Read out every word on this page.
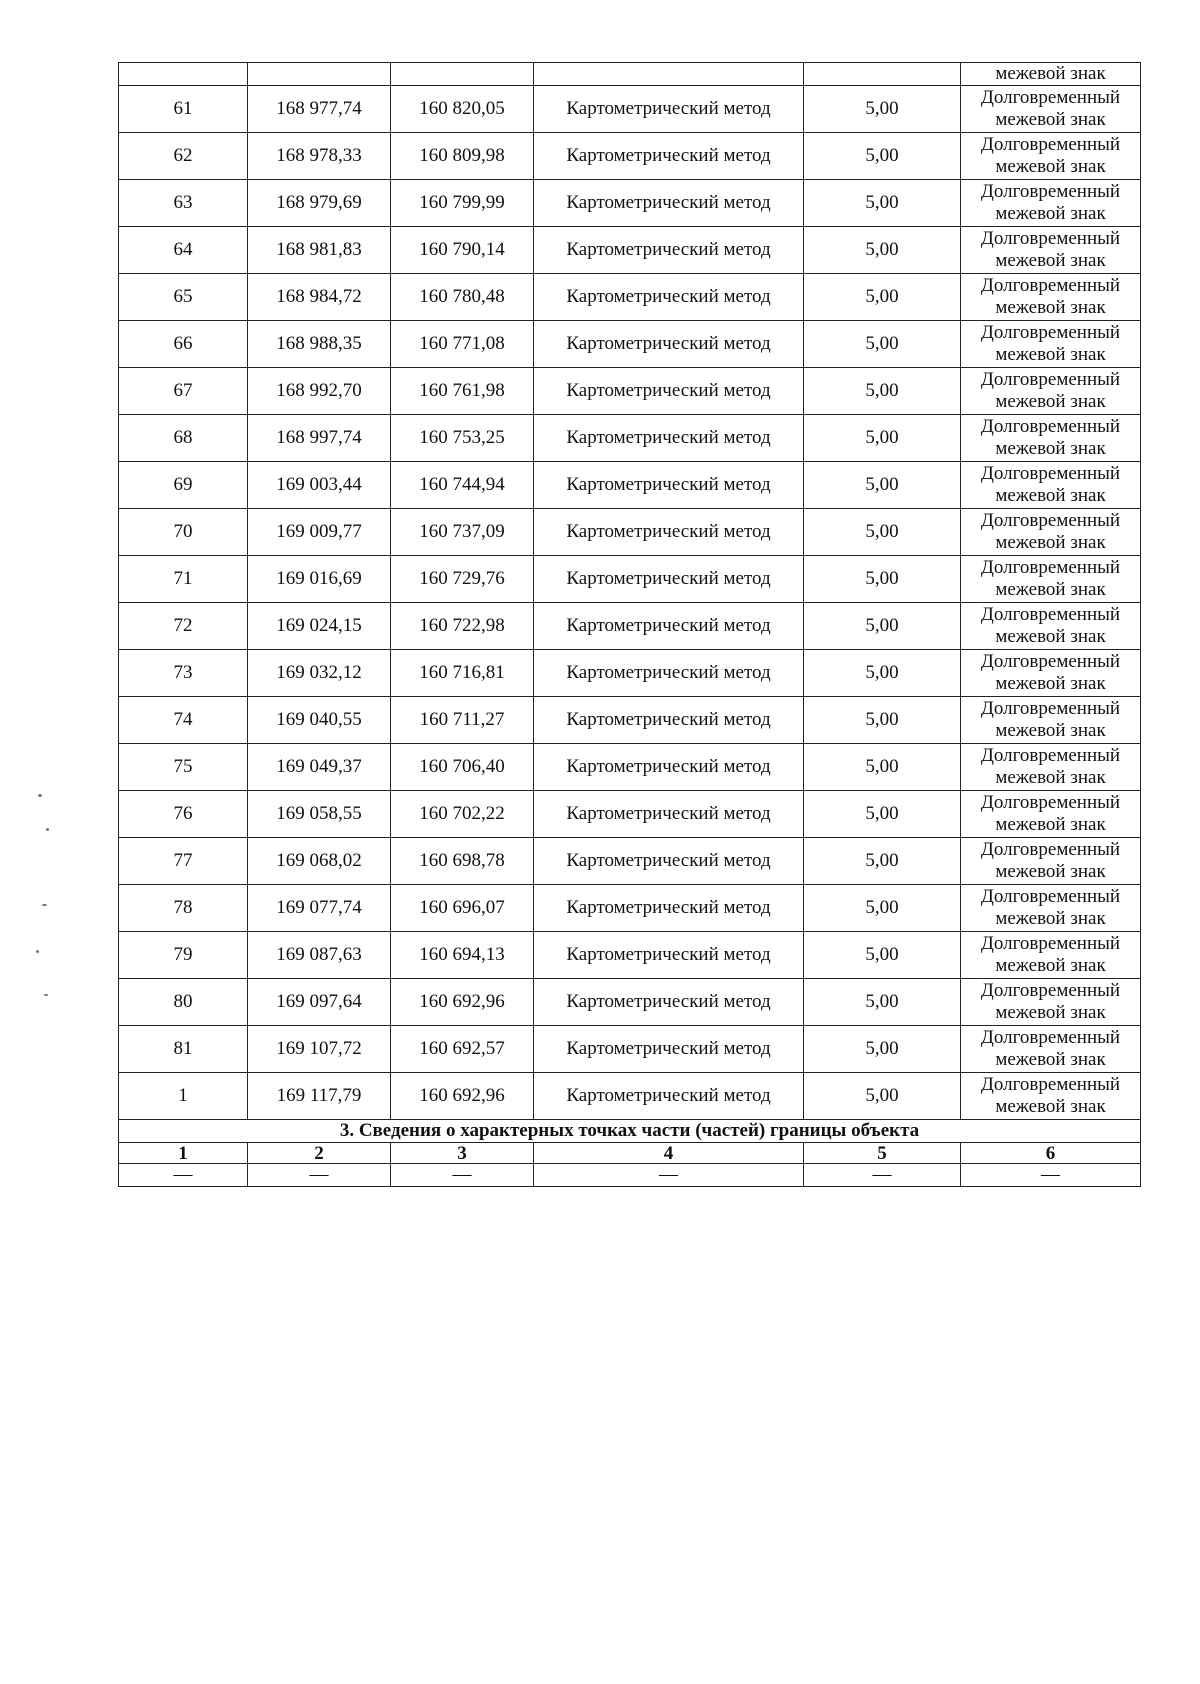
					межевой знак
61	168 977,74	160 820,05	Картометрический метод	5,00	Долговременный
межевой знак

62	168 978,33	160 809,98	Картометрический метод	5,00	Долговременный
межевой знак

63	168 979,69	160 799,99	Картометрический метод	5,00	Долговременный
межевой знак

64	168 981,83	160 790,14	Картометрический метод	5,00	Долговременный
межевой знак

65	168 984,72	160 780,48	Картометрический метод	5,00	Долговременный
межевой знак

66	168 988,35	160 771,08	Картометрический метод	5,00	Долговременный
межевой знак

67	168 992,70	160 761,98	Картометрический метод	5,00	Долговременный
межевой знак

68	168 997,74	160 753,25	Картометрический метод	5,00	Долговременный
межевой знак

69	169 003,44	160 744,94	Картометрический метод	5,00	Долговременный
межевой знак

70	169 009,77	160 737,09	Картометрический метод	5,00	Долговременный
межевой знак

71	169 016,69	160 729,76	Картометрический метод	5,00	Долговременный
межевой знак

72	169 024,15	160 722,98	Картометрический метод	5,00	Долговременный
межевой знак

73	169 032,12	160 716,81	Картометрический метод	5,00	Долговременный
межевой знак

74	169 040,55	160 711,27	Картометрический метод	5,00	Долговременный
межевой знак

75	169 049,37	160 706,40	Картометрический метод	5,00	Долговременный
межевой знак

76	169 058,55	160 702,22	Картометрический метод	5,00	Долговременный
межевой знак

77	169 068,02	160 698,78	Картометрический метод	5,00	Долговременный
межевой знак

78	169 077,74	160 696,07	Картометрический метод	5,00	Долговременный
межевой знак

79	169 087,63	160 694,13	Картометрический метод	5,00	Долговременный
межевой знак

80	169 097,64	160 692,96	Картометрический метод	5,00	Долговременный
межевой знак

81	169 107,72	160 692,57	Картометрический метод	5,00	Долговременный
межевой знак

1	169 117,79	160 692,96	Картометрический метод	5,00	Долговременный
межевой знак

3. Сведения о характерных точках части (частей) границы объекта					
1	2	3	4	5	6
—	—	—	—	—	—
